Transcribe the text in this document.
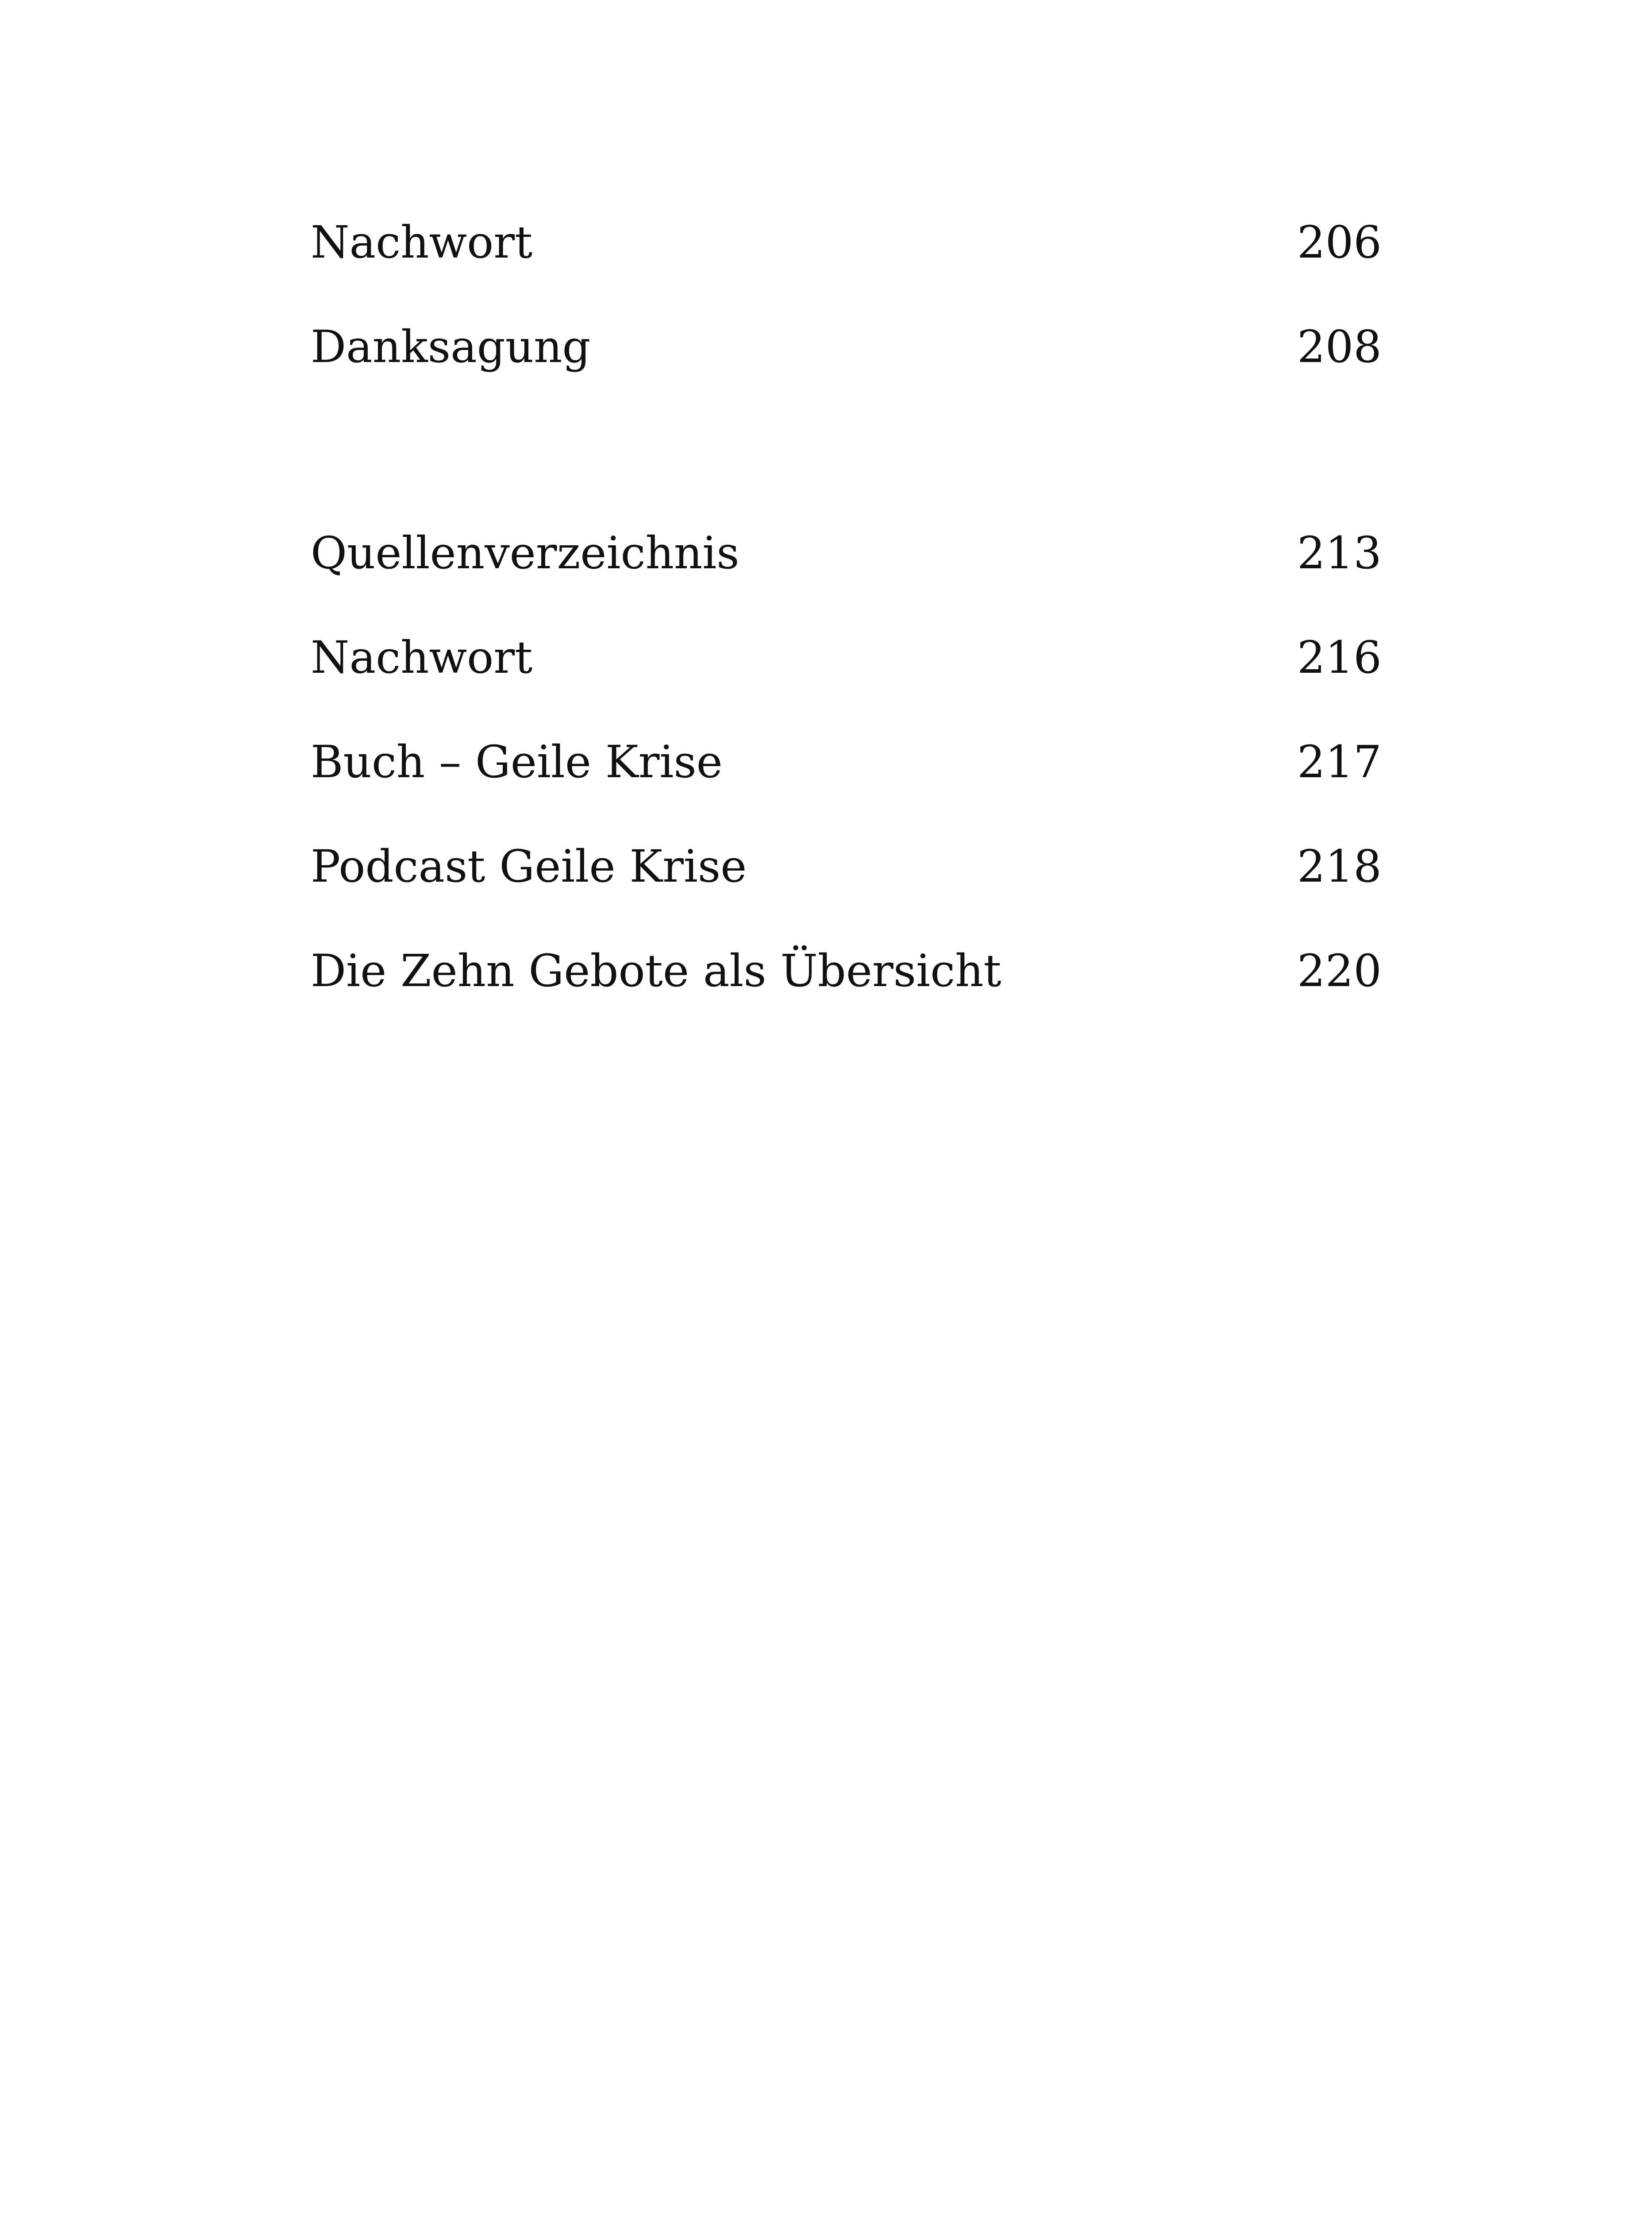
Nachwort	206
Danksagung	208
Quellenverzeichnis	213
Nachwort	216
Buch – Geile Krise	217
Podcast Geile Krise	218
Die Zehn Gebote als Übersicht	220
